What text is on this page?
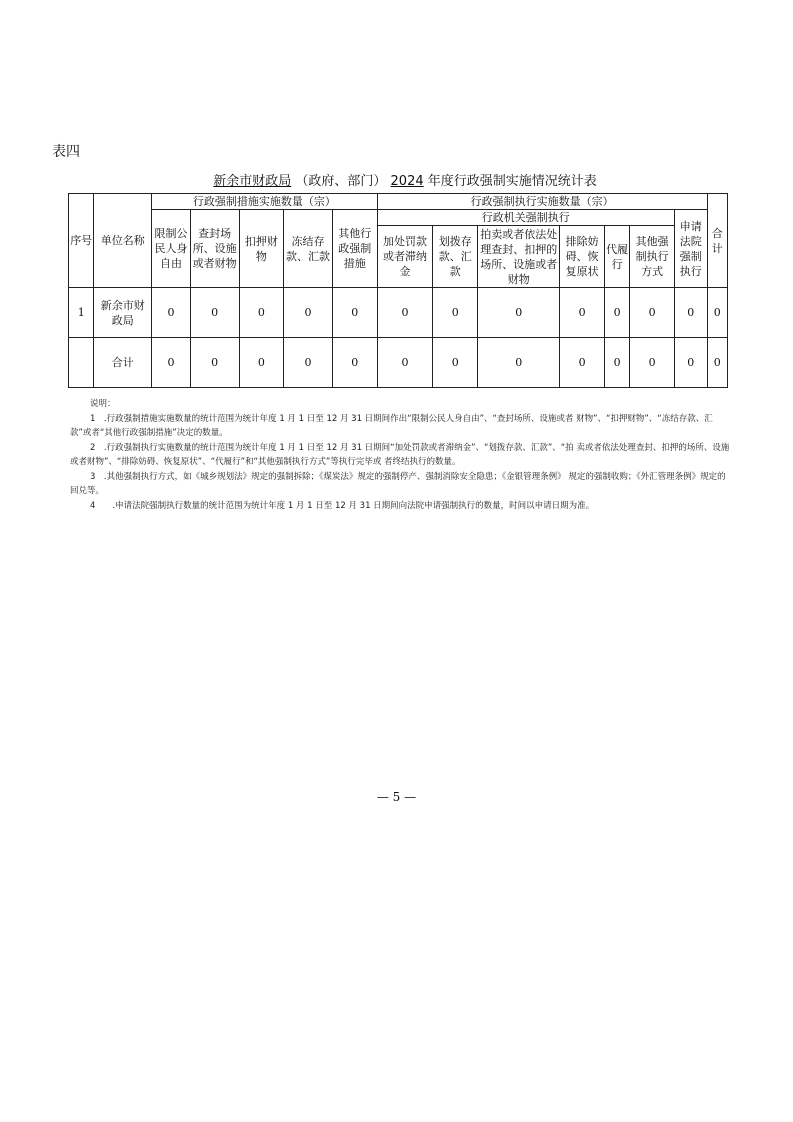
表四
新余市财政局 （政府、部门） 2024 年度行政强制实施情况统计表
序号	单位名称	行政强制措施实施数量（宗）					行政强制执行实施数量（宗）							合计
		限制公民人身自由	查封场所、设施或者财物	扣押财物	冻结存款、汇款	其他行政强制措施	行政机关强制执行						申请法院强制执行	
							加处罚款或者滞纳金	划拨存款、汇款	拍卖或者依法处理查封、扣押的场所、设施或者财物	排除妨碍、恢复原状	代履行	其他强制执行方式		
1	新余市财政局	0	0	0	0	0	0	0	0	0	0	0	0	0
	合计	0	0	0	0	0	0	0	0	0	0	0	0	0

说明：

1　.行政强制措施实施数量的统计范围为统计年度 1 月 1 日至 12 月 31 日期间作出“限制公民人身自由”、“查封场所、设施或者 财物”、“扣押财物”、“冻结存款、汇款”或者“其他行政强制措施”决定的数量。

2　.行政强制执行实施数量的统计范围为统计年度 1 月 1 日至 12 月 31 日期间“加处罚款或者滞纳金”、“划拨存款、汇款”、“拍 卖或者依法处理查封、扣押的场所、设施或者财物”、“排除妨碍、恢复原状”、“代履行”和“其他强制执行方式”等执行完毕或 者终结执行的数量。

3　.其他强制执行方式，如《城乡规划法》规定的强制拆除；《煤炭法》规定的强制停产、强制消除安全隐患；《金银管理条例》 规定的强制收购；《外汇管理条例》规定的回兑等。

4　　.申请法院强制执行数量的统计范围为统计年度 1 月 1 日至 12 月 31 日期间向法院申请强制执行的数量，时间以申请日期为准。

— 5 —
